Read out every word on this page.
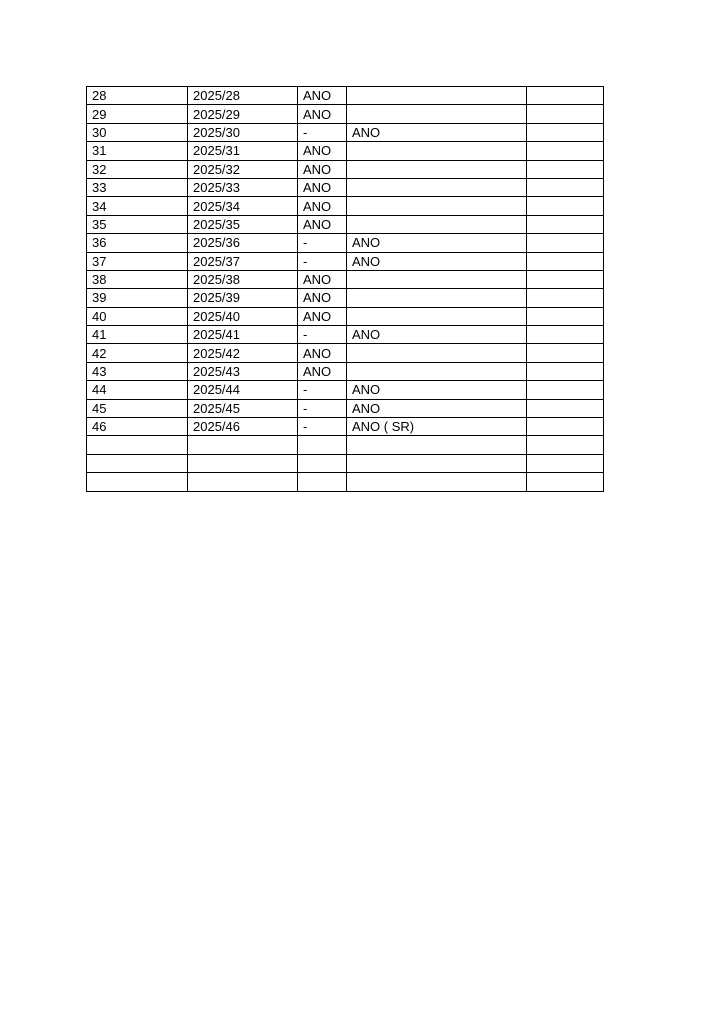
28	2025/28	ANO		
29	2025/29	ANO		
30	2025/30	-	ANO	
31	2025/31	ANO		
32	2025/32	ANO		
33	2025/33	ANO		
34	2025/34	ANO		
35	2025/35	ANO		
36	2025/36	-	ANO	
37	2025/37	-	ANO	
38	2025/38	ANO		
39	2025/39	ANO		
40	2025/40	ANO		
41	2025/41	-	ANO	
42	2025/42	ANO		
43	2025/43	ANO		
44	2025/44	-	ANO	
45	2025/45	-	ANO	
46	2025/46	-	ANO ( SR)	
